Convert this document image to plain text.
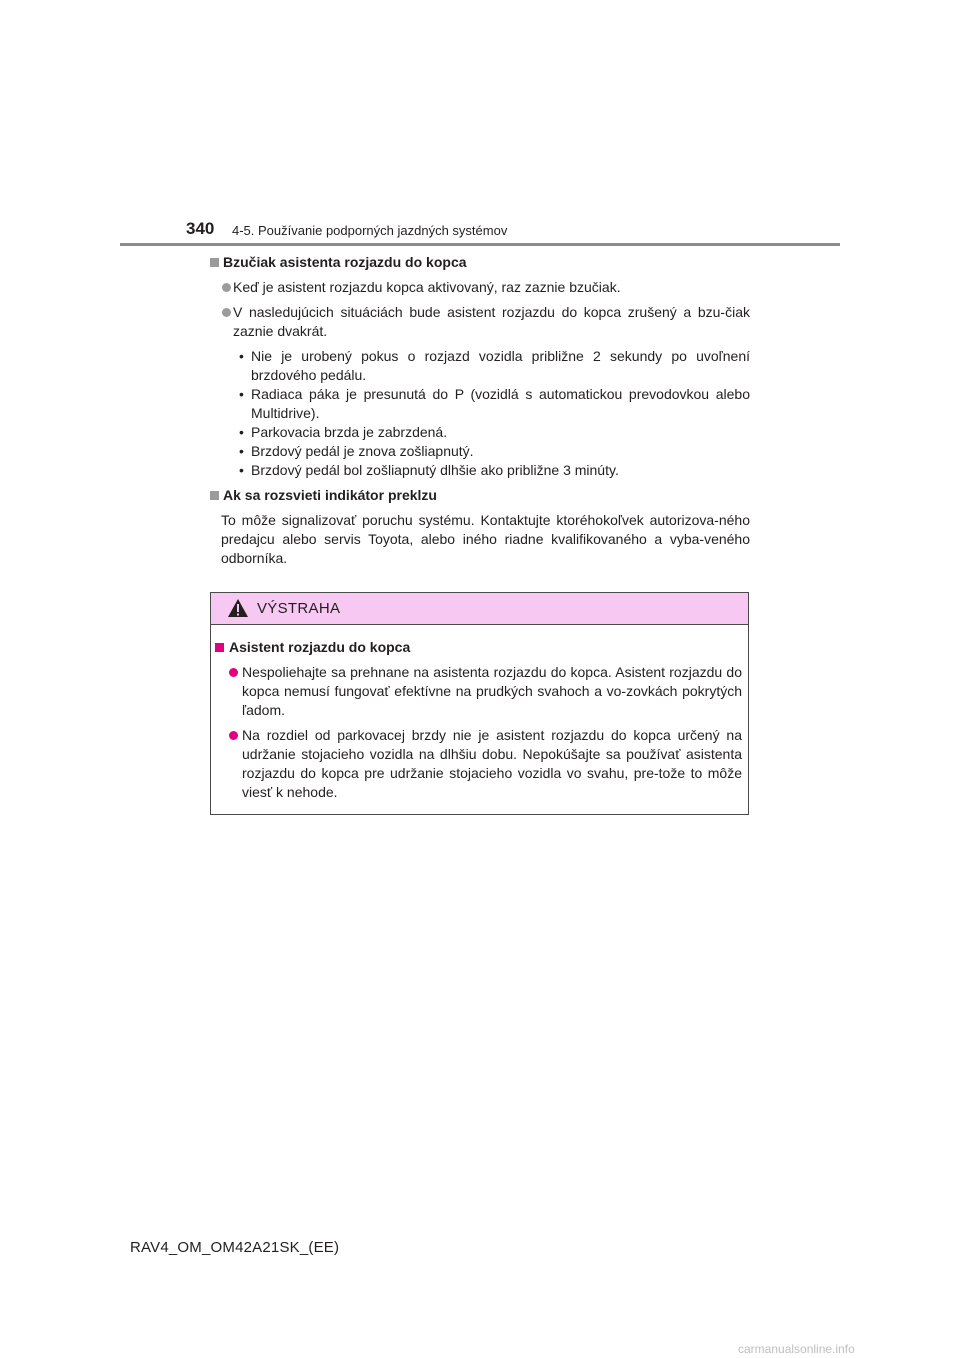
340 4-5. Používanie podporných jazdných systémov
Bzučiak asistenta rozjazdu do kopca
Keď je asistent rozjazdu kopca aktivovaný, raz zaznie bzučiak.
V nasledujúcich situáciách bude asistent rozjazdu do kopca zrušený a bzu-čiak zaznie dvakrát.
• Nie je urobený pokus o rozjazd vozidla približne 2 sekundy po uvoľnení brzdového pedálu.
• Radiaca páka je presunutá do P (vozidlá s automatickou prevodovkou alebo Multidrive).
• Parkovacia brzda je zabrzdená.
• Brzdový pedál je znova zošliapnutý.
• Brzdový pedál bol zošliapnutý dlhšie ako približne 3 minúty.
Ak sa rozsvieti indikátor preklzu
To môže signalizovať poruchu systému. Kontaktujte ktoréhokoľvek autorizova-ného predajcu alebo servis Toyota, alebo iného riadne kvalifikovaného a vyba-veného odborníka.
VÝSTRAHA
Asistent rozjazdu do kopca
Nespoliehajte sa prehnane na asistenta rozjazdu do kopca. Asistent rozjazdu do kopca nemusí fungovať efektívne na prudkých svahoch a vo-zovkách pokrytých ľadom.
Na rozdiel od parkovacej brzdy nie je asistent rozjazdu do kopca určený na udržanie stojacieho vozidla na dlhšiu dobu. Nepokúšajte sa používať asistenta rozjazdu do kopca pre udržanie stojacieho vozidla vo svahu, pre-tože to môže viesť k nehode.
RAV4_OM_OM42A21SK_(EE)
carmanualsonline.info
